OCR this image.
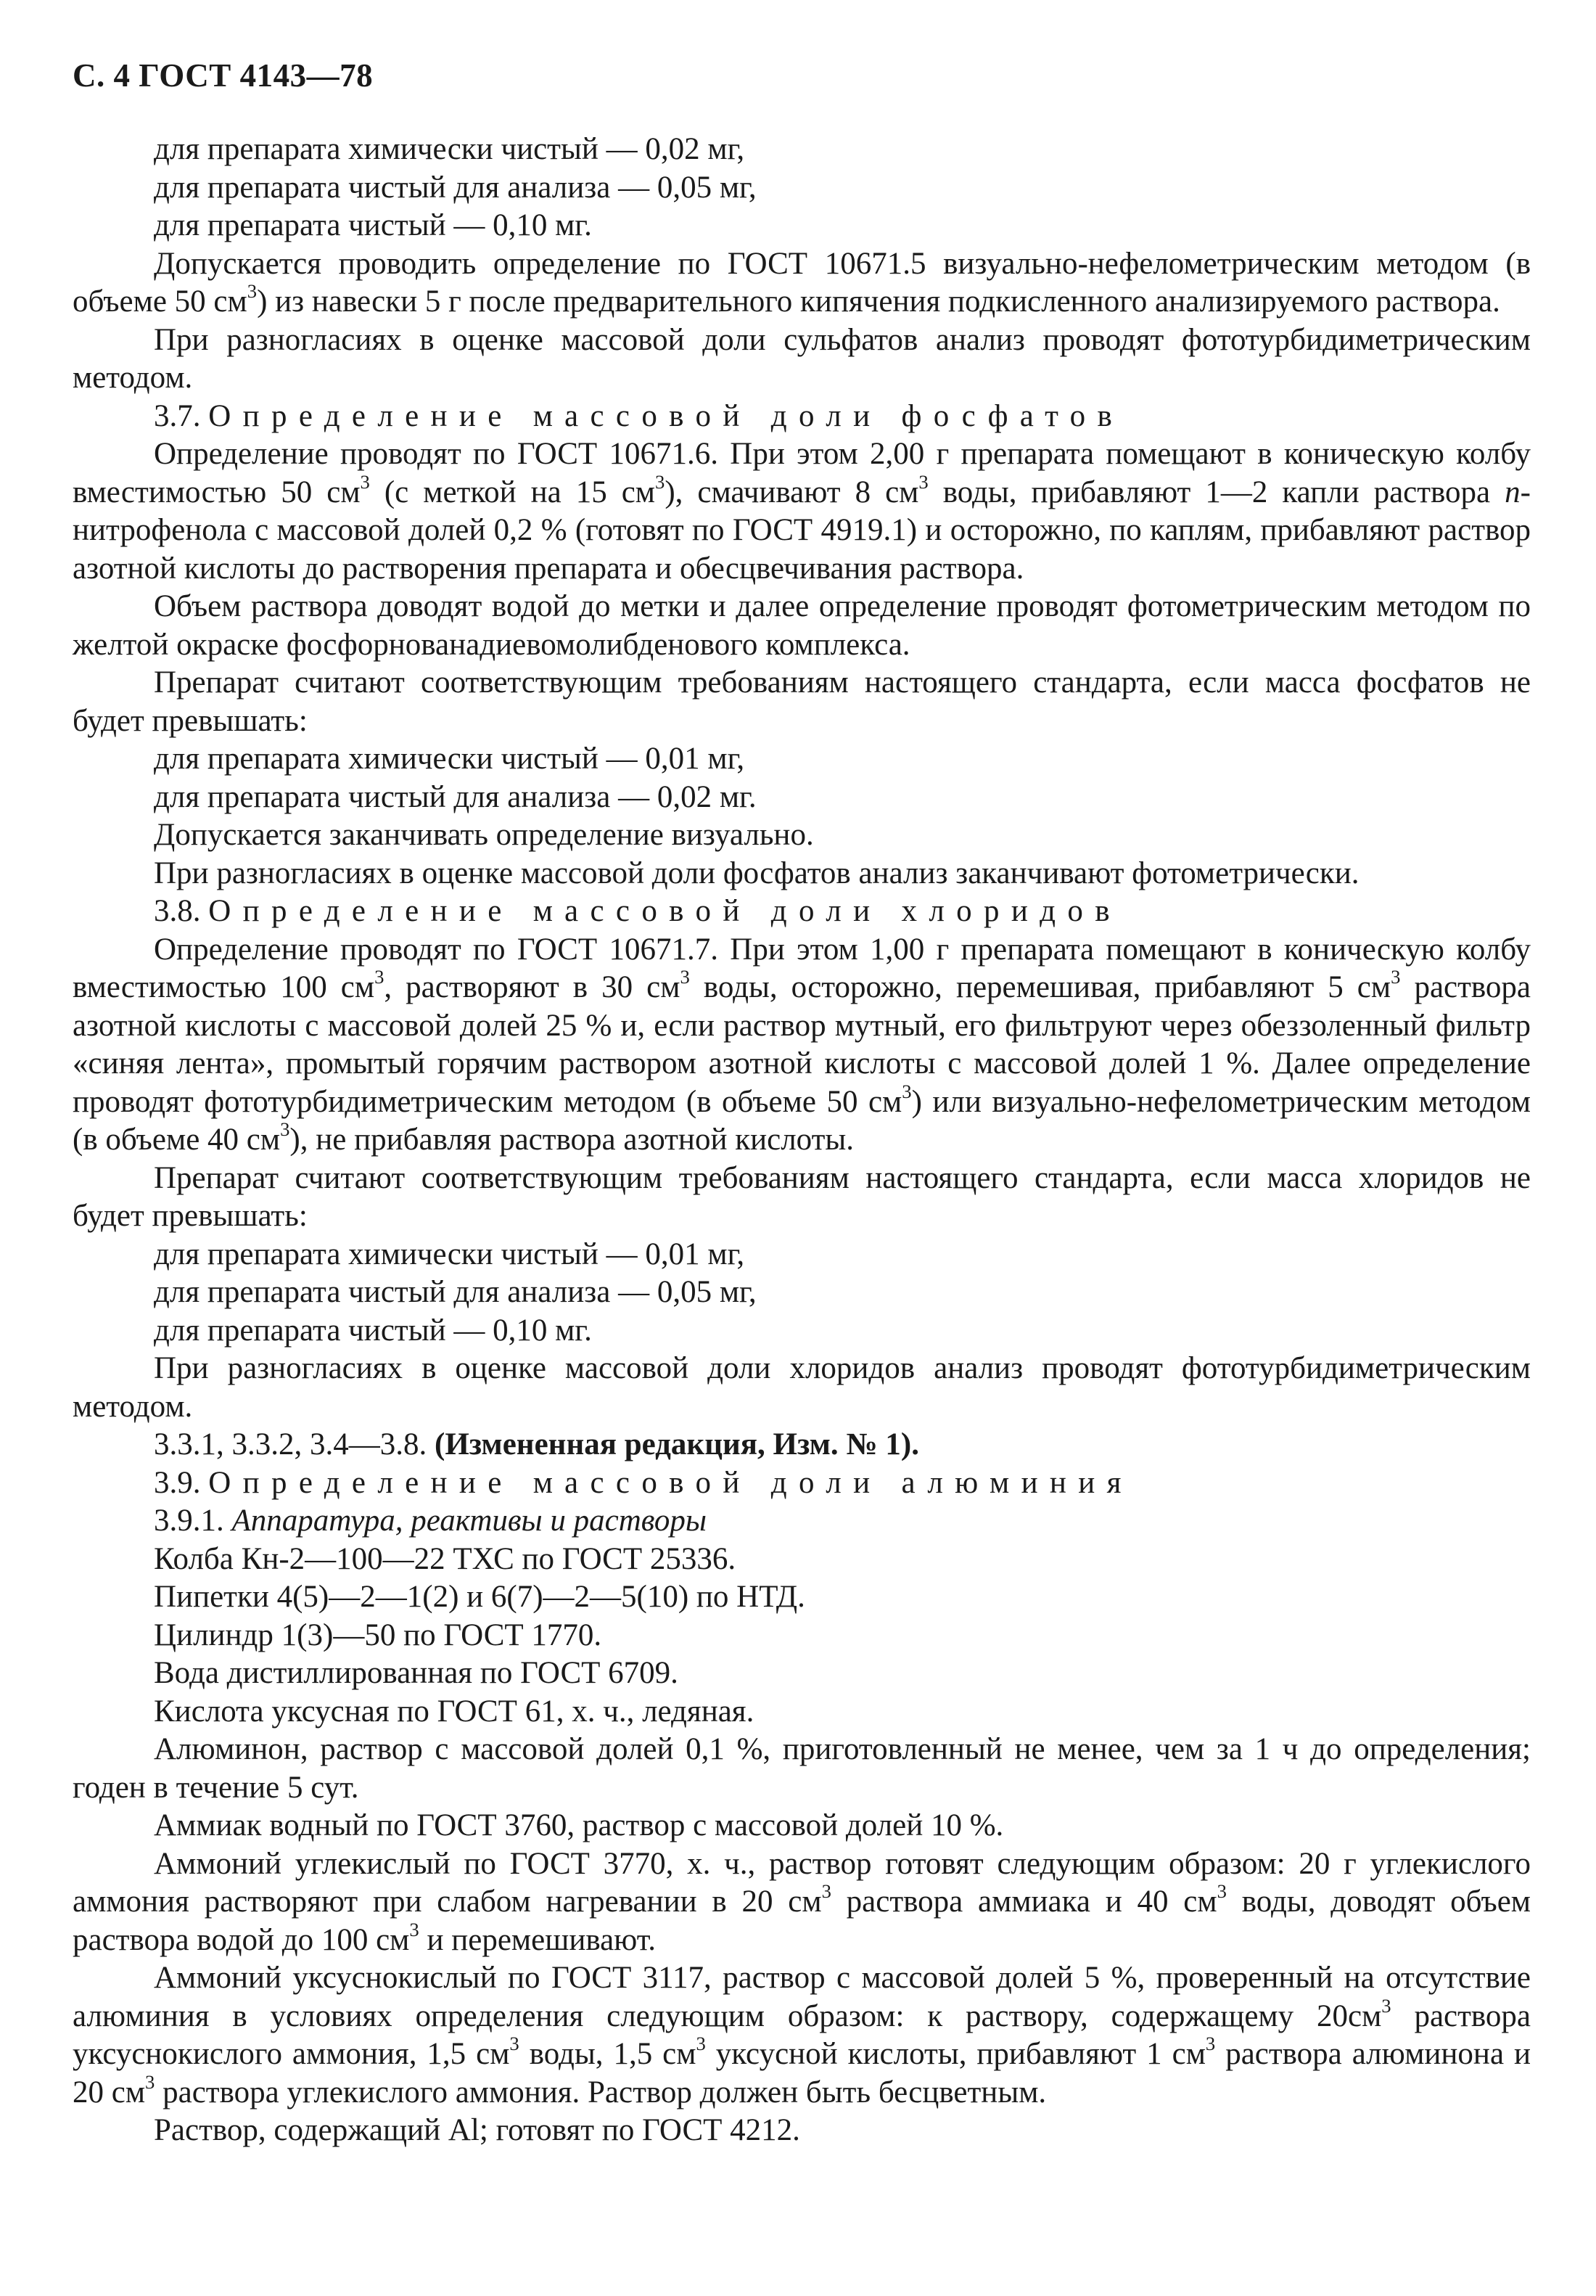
С. 4 ГОСТ 4143—78

для препарата химически чистый — 0,02 мг,

для препарата чистый для анализа — 0,05 мг,

для препарата чистый — 0,10 мг.

Допускается проводить определение по ГОСТ 10671.5 визуально-нефелометрическим методом (в объеме 50 $см^3$) из навески 5 г после предварительного кипячения подкисленного анализируемого раствора.

При разногласиях в оценке массовой доли сульфатов анализ проводят фототурбидиметрическим методом.

3.7. Определение массовой доли фосфатов

Определение проводят по ГОСТ 10671.6. При этом 2,00 г препарата помещают в коническую колбу вместимостью 50 $см^3$ (с меткой на 15 $см^3$), смачивают 8 $см^3$ воды, прибавляют 1—2 капли раствора п-нитрофенола с массовой долей 0,2 % (готовят по ГОСТ 4919.1) и осторожно, по каплям, прибавляют раствор азотной кислоты до растворения препарата и обесцвечивания раствора.

Объем раствора доводят водой до метки и далее определение проводят фотометрическим методом по желтой окраске фосфорнованадиевомолибденового комплекса.

Препарат считают соответствующим требованиям настоящего стандарта, если масса фосфатов не будет превышать:

для препарата химически чистый — 0,01 мг,

для препарата чистый для анализа — 0,02 мг.

Допускается заканчивать определение визуально.

При разногласиях в оценке массовой доли фосфатов анализ заканчивают фотометрически.

3.8. Определение массовой доли хлоридов

Определение проводят по ГОСТ 10671.7. При этом 1,00 г препарата помещают в коническую колбу вместимостью 100 $см^3$, растворяют в 30 $см^3$ воды, осторожно, перемешивая, прибавляют 5 $см^3$ раствора азотной кислоты с массовой долей 25 % и, если раствор мутный, его фильтруют через обеззоленный фильтр «синяя лента», промытый горячим раствором азотной кислоты с массовой долей 1 %. Далее определение проводят фототурбидиметрическим методом (в объеме 50 $см^3$) или визуально-нефелометрическим методом (в объеме 40 $см^3$), не прибавляя раствора азотной кислоты.

Препарат считают соответствующим требованиям настоящего стандарта, если масса хлоридов не будет превышать:

для препарата химически чистый — 0,01 мг,

для препарата чистый для анализа — 0,05 мг,

для препарата чистый — 0,10 мг.

При разногласиях в оценке массовой доли хлоридов анализ проводят фототурбидиметрическим методом.

3.3.1, 3.3.2, 3.4—3.8. (Измененная редакция, Изм. № 1).

3.9. Определение массовой доли алюминия

3.9.1. Аппаратура, реактивы и растворы

Колба Кн-2—100—22 ТХС по ГОСТ 25336.

Пипетки 4(5)—2—1(2) и 6(7)—2—5(10) по НТД.

Цилиндр 1(3)—50 по ГОСТ 1770.

Вода дистиллированная по ГОСТ 6709.

Кислота уксусная по ГОСТ 61, х. ч., ледяная.

Алюминон, раствор с массовой долей 0,1 %, приготовленный не менее, чем за 1 ч до определения; годен в течение 5 сут.

Аммиак водный по ГОСТ 3760, раствор с массовой долей 10 %.

Аммоний углекислый по ГОСТ 3770, х. ч., раствор готовят следующим образом: 20 г углекислого аммония растворяют при слабом нагревании в 20 $см^3$ раствора аммиака и 40 $см^3$ воды, доводят объем раствора водой до 100 $см^3$ и перемешивают.

Аммоний уксуснокислый по ГОСТ 3117, раствор с массовой долей 5 %, проверенный на отсутствие алюминия в условиях определения следующим образом: к раствору, содержащему $20см^3$ раствора уксуснокислого аммония, 1,5 $см^3$ воды, 1,5 $см^3$ уксусной кислоты, прибавляют 1 $см^3$ раствора алюминона и 20 $см^3$ раствора углекислого аммония. Раствор должен быть бесцветным.

Раствор, содержащий Al; готовят по ГОСТ 4212.
